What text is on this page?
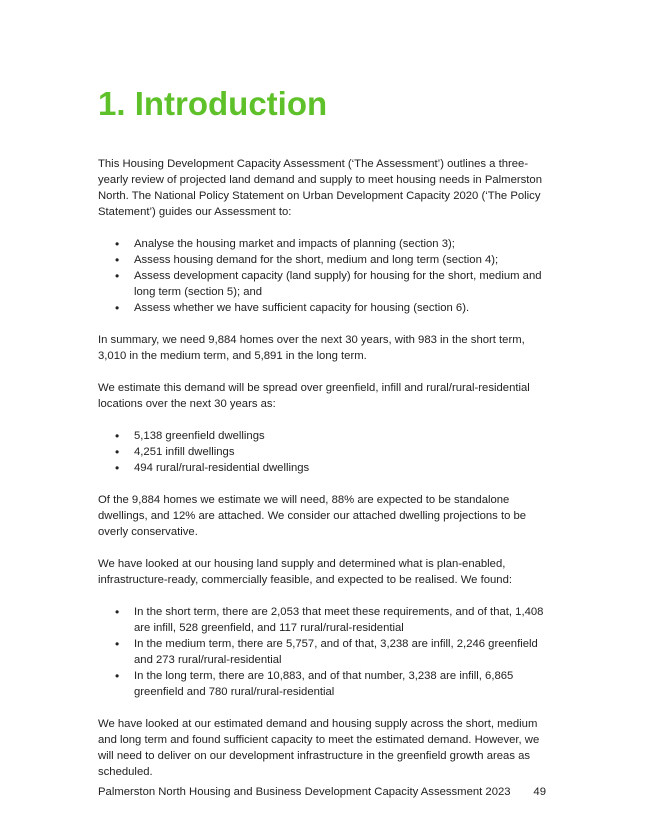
1. Introduction

This Housing Development Capacity Assessment (‘The Assessment’) outlines a three-yearly review of projected land demand and supply to meet housing needs in Palmerston North. The National Policy Statement on Urban Development Capacity 2020 (‘The Policy Statement’) guides our Assessment to:

• Analyse the housing market and impacts of planning (section 3);
• Assess housing demand for the short, medium and long term (section 4);
• Assess development capacity (land supply) for housing for the short, medium and long term (section 5); and
• Assess whether we have sufficient capacity for housing (section 6).

In summary, we need 9,884 homes over the next 30 years, with 983 in the short term, 3,010 in the medium term, and 5,891 in the long term.

We estimate this demand will be spread over greenfield, infill and rural/rural-residential locations over the next 30 years as:

• 5,138 greenfield dwellings
• 4,251 infill dwellings
• 494 rural/rural-residential dwellings

Of the 9,884 homes we estimate we will need, 88% are expected to be standalone dwellings, and 12% are attached. We consider our attached dwelling projections to be overly conservative.

We have looked at our housing land supply and determined what is plan-enabled, infrastructure-ready, commercially feasible, and expected to be realised. We found:

• In the short term, there are 2,053 that meet these requirements, and of that, 1,408 are infill, 528 greenfield, and 117 rural/rural-residential
• In the medium term, there are 5,757, and of that, 3,238 are infill, 2,246 greenfield and 273 rural/rural-residential
• In the long term, there are 10,883, and of that number, 3,238 are infill, 6,865 greenfield and 780 rural/rural-residential

We have looked at our estimated demand and housing supply across the short, medium and long term and found sufficient capacity to meet the estimated demand. However, we will need to deliver on our development infrastructure in the greenfield growth areas as scheduled.

Palmerston North Housing and Business Development Capacity Assessment 2023 49
